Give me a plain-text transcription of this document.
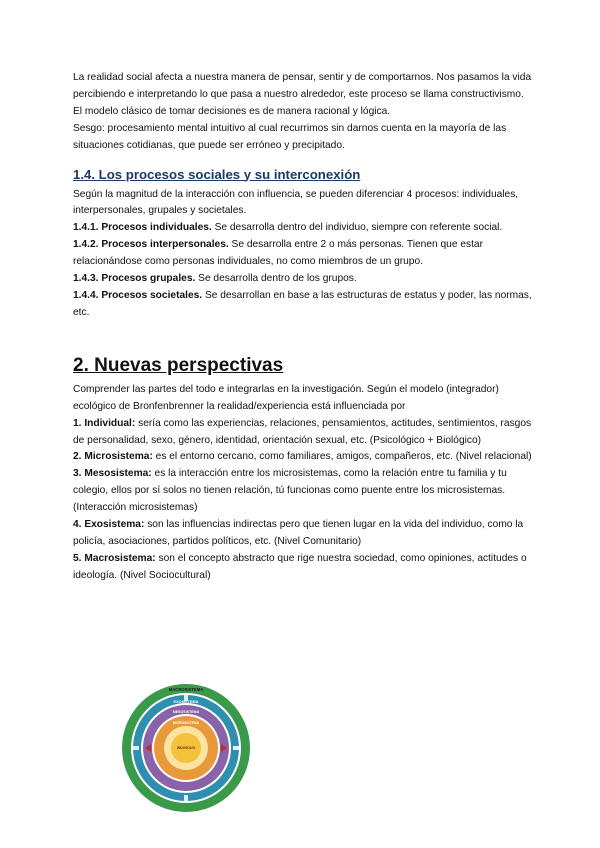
La realidad social afecta a nuestra manera de pensar, sentir y de comportarnos. Nos pasamos la vida percibiendo e interpretando lo que pasa a nuestro alrededor, este proceso se llama constructivismo. El modelo clásico de tomar decisiones es de manera racional y lógica.

Sesgo: procesamiento mental intuitivo al cual recurrimos sin darnos cuenta en la mayoría de las situaciones cotidianas, que puede ser erróneo y precipitado.

1.4. Los procesos sociales y su interconexión

Según la magnitud de la interacción con influencia, se pueden diferenciar 4 procesos: individuales, interpersonales, grupales y societales.

1.4.1. Procesos individuales. Se desarrolla dentro del individuo, siempre con referente social.

1.4.2. Procesos interpersonales. Se desarrolla entre 2 o más personas. Tienen que estar relacionándose como personas individuales, no como miembros de un grupo.

1.4.3. Procesos grupales. Se desarrolla dentro de los grupos.

1.4.4. Procesos societales. Se desarrollan en base a las estructuras de estatus y poder, las normas, etc.

2. Nuevas perspectivas

Comprender las partes del todo e integrarlas en la investigación. Según el modelo (integrador) ecológico de Bronfenbrenner la realidad/experiencia está influenciada por

1. Individual: sería como las experiencias, relaciones, pensamientos, actitudes, sentimientos, rasgos de personalidad, sexo, género, identidad, orientación sexual, etc. (Psicológico + Biológico)

2. Microsistema: es el entorno cercano, como familiares, amigos, compañeros, etc. (Nivel relacional)

3. Mesosistema: es la interacción entre los microsistemas, como la relación entre tu familia y tu colegio, ellos por sí solos no tienen relación, tú funcionas como puente entre los microsistemas. (Interacción microsistemas)

4. Exosistema: son las influencias indirectas pero que tienen lugar en la vida del individuo, como la policía, asociaciones, partidos políticos, etc. (Nivel Comunitario)

5. Macrosistema: son el concepto abstracto que rige nuestra sociedad, como opiniones, actitudes o ideología. (Nivel Sociocultural)

MACROSISTEMA
EXOSISTEMA
MESOSISTEMA
MICROSISTEMA
INDIVIDUO
